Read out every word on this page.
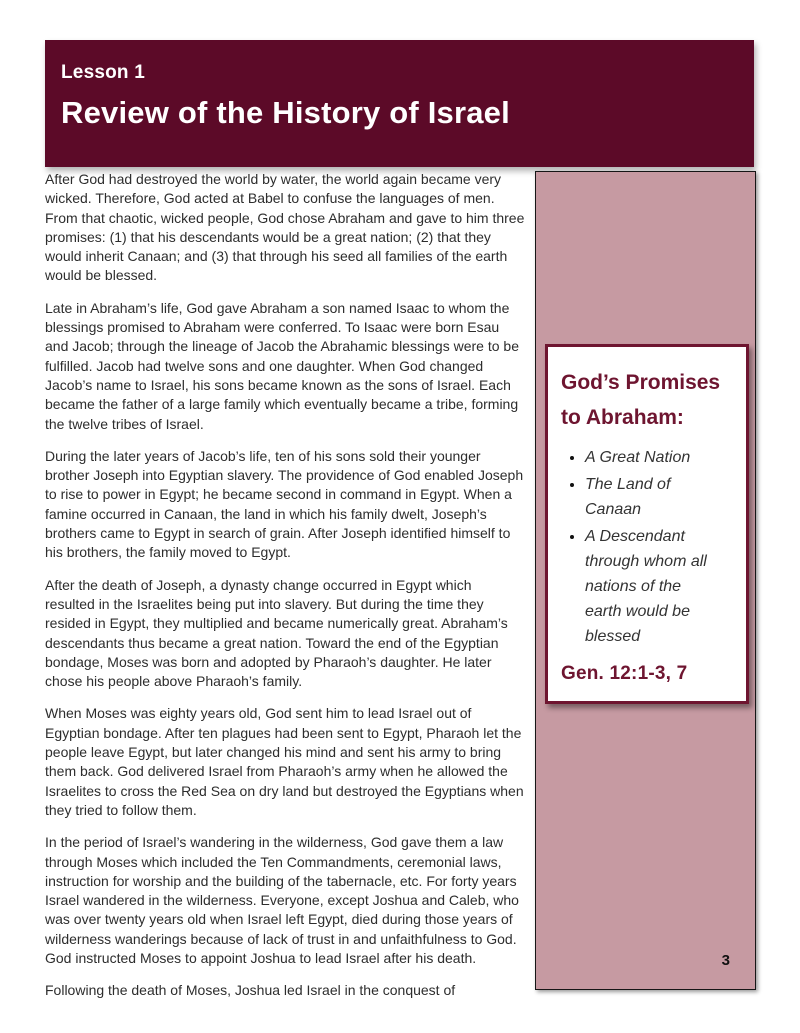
Lesson 1
Review of the History of Israel

After God had destroyed the world by water, the world again became very wicked. Therefore, God acted at Babel to confuse the languages of men. From that chaotic, wicked people, God chose Abraham and gave to him three promises: (1) that his descendants would be a great nation; (2) that they would inherit Canaan; and (3) that through his seed all families of the earth would be blessed.

Late in Abraham’s life, God gave Abraham a son named Isaac to whom the blessings promised to Abraham were conferred. To Isaac were born Esau and Jacob; through the lineage of Jacob the Abrahamic blessings were to be fulfilled. Jacob had twelve sons and one daughter. When God changed Jacob’s name to Israel, his sons became known as the sons of Israel. Each became the father of a large family which eventually became a tribe, forming the twelve tribes of Israel.

During the later years of Jacob’s life, ten of his sons sold their younger brother Joseph into Egyptian slavery. The providence of God enabled Joseph to rise to power in Egypt; he became second in command in Egypt. When a famine occurred in Canaan, the land in which his family dwelt, Joseph’s brothers came to Egypt in search of grain. After Joseph identified himself to his brothers, the family moved to Egypt.

After the death of Joseph, a dynasty change occurred in Egypt which resulted in the Israelites being put into slavery. But during the time they resided in Egypt, they multiplied and became numerically great. Abraham’s descendants thus became a great nation. Toward the end of the Egyptian bondage, Moses was born and adopted by Pharaoh’s daughter. He later chose his people above Pharaoh’s family.

When Moses was eighty years old, God sent him to lead Israel out of Egyptian bondage. After ten plagues had been sent to Egypt, Pharaoh let the people leave Egypt, but later changed his mind and sent his army to bring them back. God delivered Israel from Pharaoh’s army when he allowed the Israelites to cross the Red Sea on dry land but destroyed the Egyptians when they tried to follow them.

In the period of Israel’s wandering in the wilderness, God gave them a law through Moses which included the Ten Commandments, ceremonial laws, instruction for worship and the building of the tabernacle, etc. For forty years Israel wandered in the wilderness. Everyone, except Joshua and Caleb, who was over twenty years old when Israel left Egypt, died during those years of wilderness wanderings because of lack of trust in and unfaithfulness to God. God instructed Moses to appoint Joshua to lead Israel after his death.

Following the death of Moses, Joshua led Israel in the conquest of

God’s Promises to Abraham:
• A Great Nation
• The Land of Canaan
• A Descendant through whom all nations of the earth would be blessed
Gen. 12:1-3, 7
3
